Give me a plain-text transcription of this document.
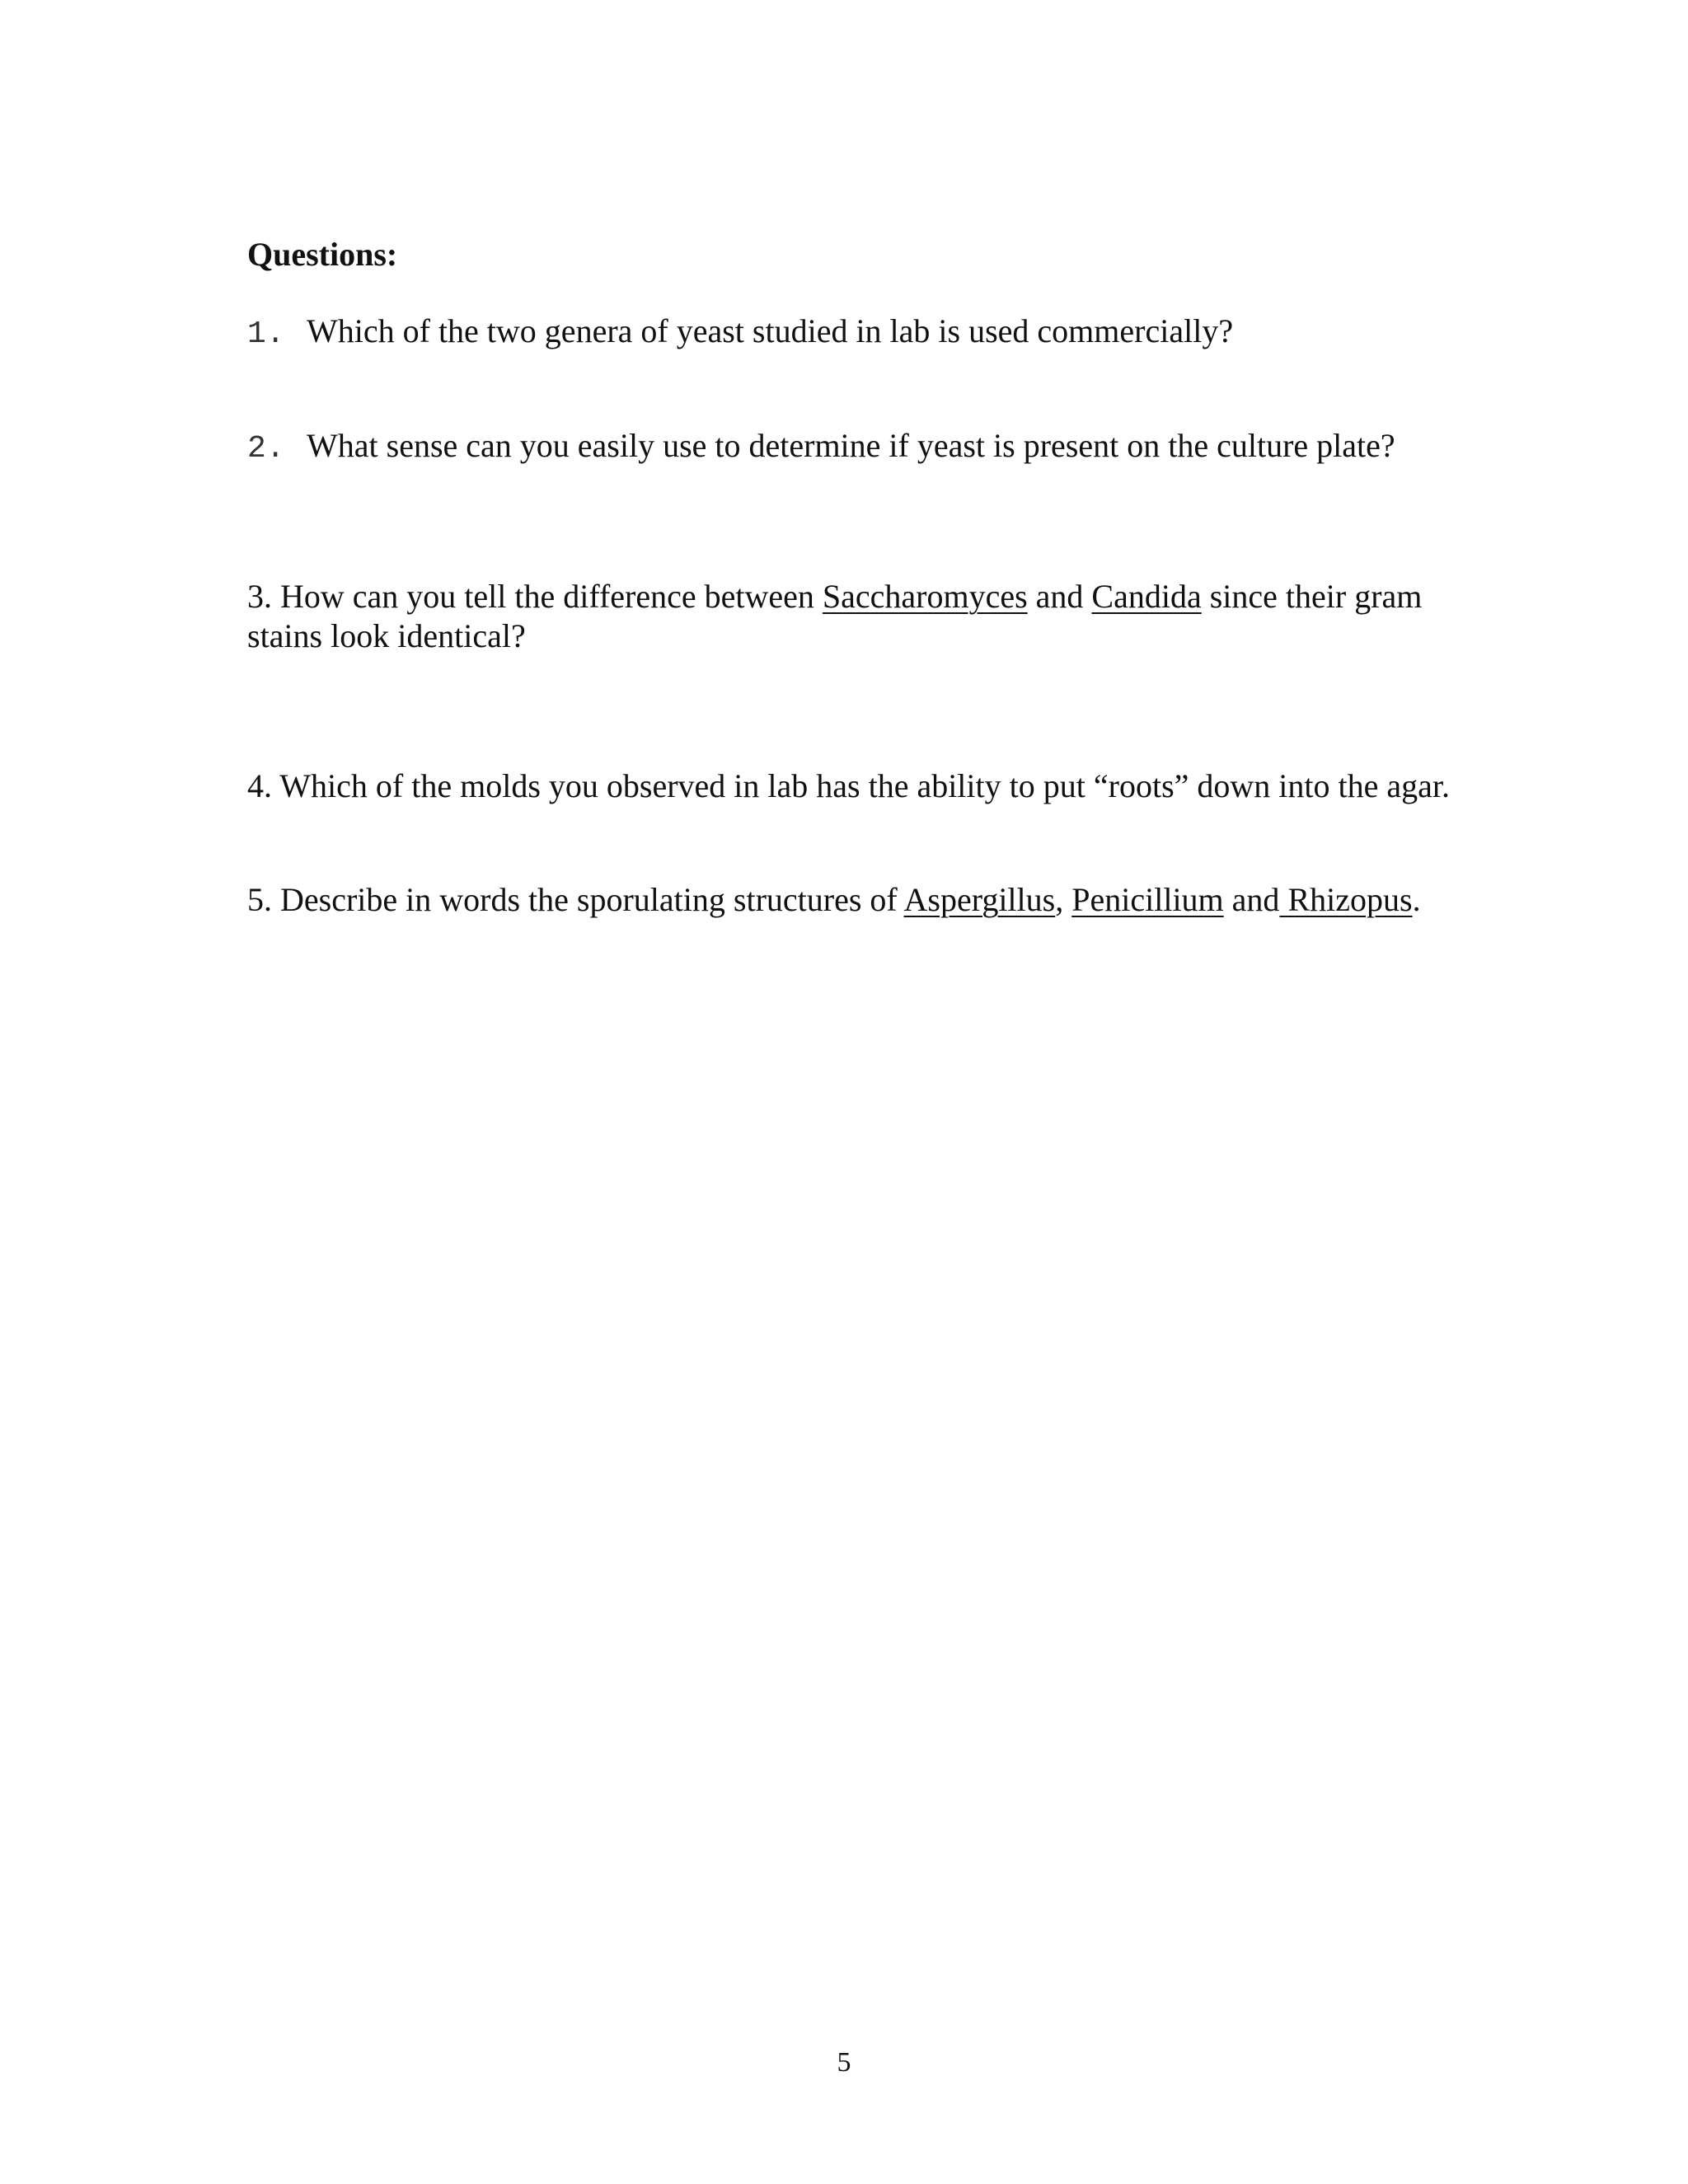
Questions:

1. Which of the two genera of yeast studied in lab is used commercially?

2. What sense can you easily use to determine if yeast is present on the culture plate?

3. How can you tell the difference between Saccharomyces and Candida since their gram stains look identical?

4. Which of the molds you observed in lab has the ability to put “roots” down into the agar.

5. Describe in words the sporulating structures of Aspergillus, Penicillium and Rhizopus.

5
